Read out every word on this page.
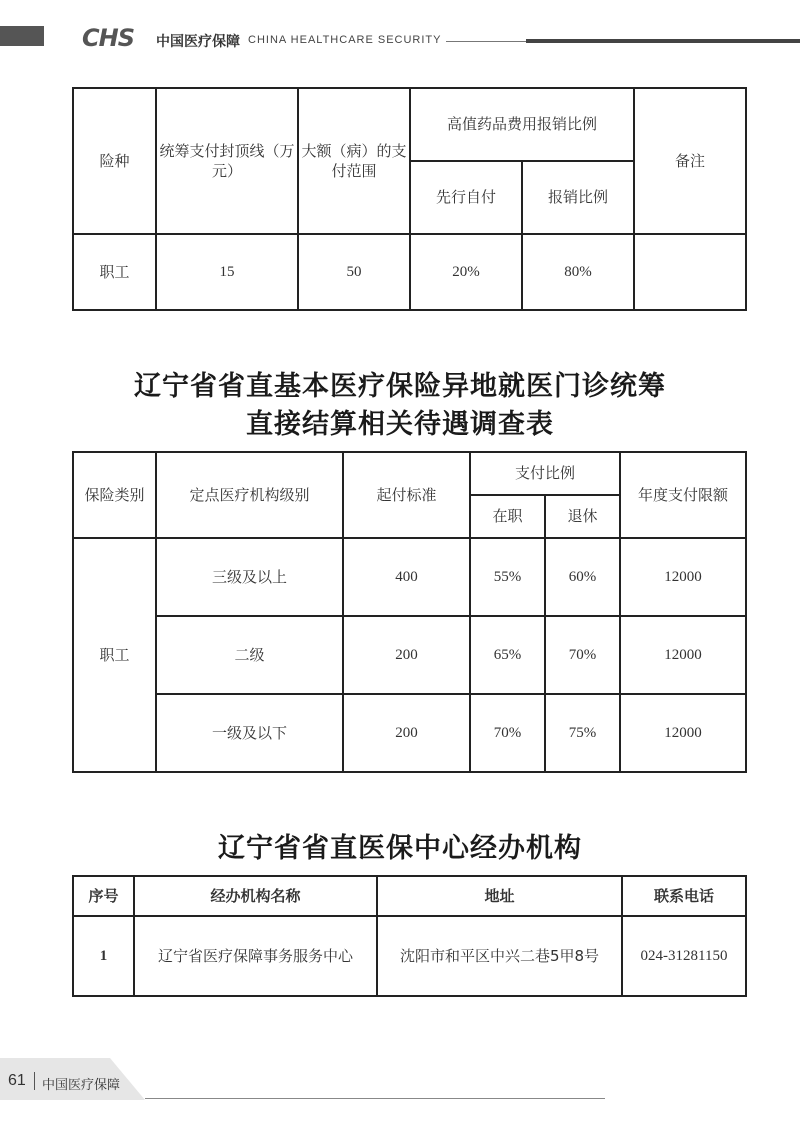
CHS 中国医疗保障 CHINA HEALTHCARE SECURITY
险种	统筹支付封顶线（万元）	大额（病）的支付范围	高值药品费用报销比例		备注
			先行自付	报销比例	
职工	15	50	20%	80%	
辽宁省省直基本医疗保险异地就医门诊统筹
直接结算相关待遇调查表
保险类别	定点医疗机构级别	起付标准	支付比例		年度支付限额
			在职	退休	
职工	三级及以上	400	55%	60%	12000
	二级	200	65%	70%	12000
	一级及以下	200	70%	75%	12000
辽宁省省直医保中心经办机构
序号	经办机构名称	地址	联系电话
1	辽宁省医疗保障事务服务中心	沈阳市和平区中兴二巷5甲8号	024-31281150
61 中国医疗保障
